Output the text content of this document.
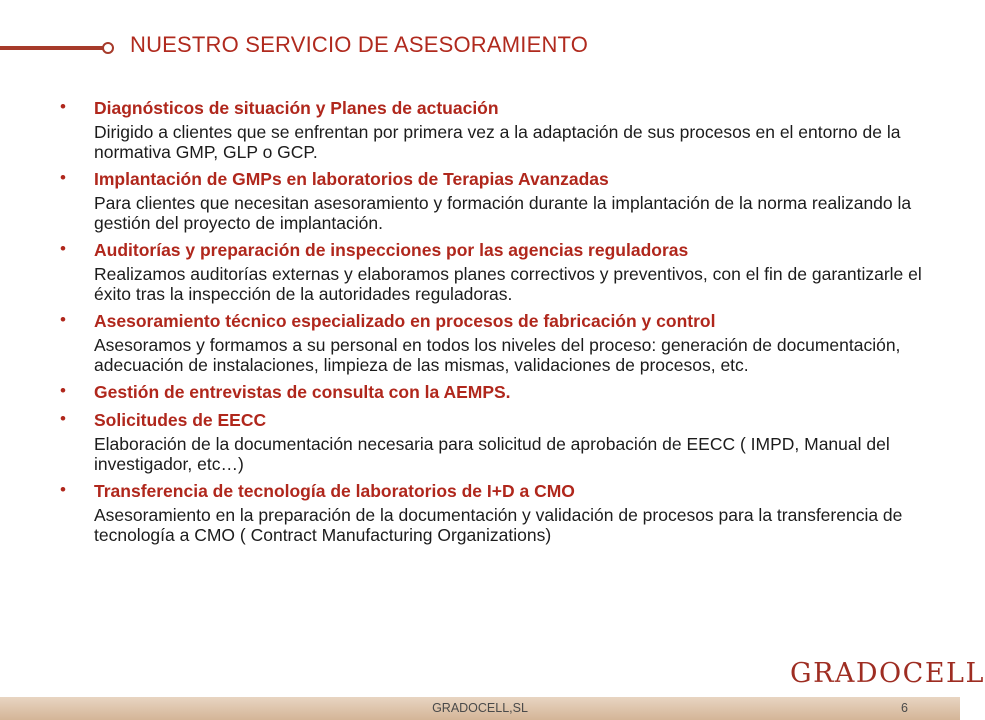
NUESTRO SERVICIO DE ASESORAMIENTO
• Diagnósticos de situación y Planes de actuación

Dirigido a clientes que se enfrentan por primera vez a la adaptación de sus procesos en el entorno de la normativa GMP, GLP o GCP.

• Implantación de GMPs en laboratorios de Terapias Avanzadas

Para clientes que necesitan asesoramiento y formación durante la implantación de la norma realizando la gestión del proyecto de implantación.

• Auditorías y preparación de inspecciones por las agencias reguladoras

Realizamos auditorías externas y elaboramos planes correctivos y preventivos, con el fin de garantizarle el éxito tras la inspección de la autoridades reguladoras.

• Asesoramiento técnico especializado en procesos de fabricación y control

Asesoramos y formamos a su personal en todos los niveles del proceso: generación de documentación, adecuación de instalaciones, limpieza de las mismas, validaciones de procesos, etc.

• Gestión de entrevistas de consulta con la AEMPS.
• Solicitudes de EECC

Elaboración de la documentación necesaria para solicitud de aprobación de EECC ( IMPD, Manual del investigador, etc…)

• Transferencia de tecnología de laboratorios de I+D a CMO

Asesoramiento en la preparación de la documentación y validación de procesos para la transferencia de tecnología a CMO ( Contract Manufacturing Organizations)

GRADOCELL
GRADOCELL,SL	6
